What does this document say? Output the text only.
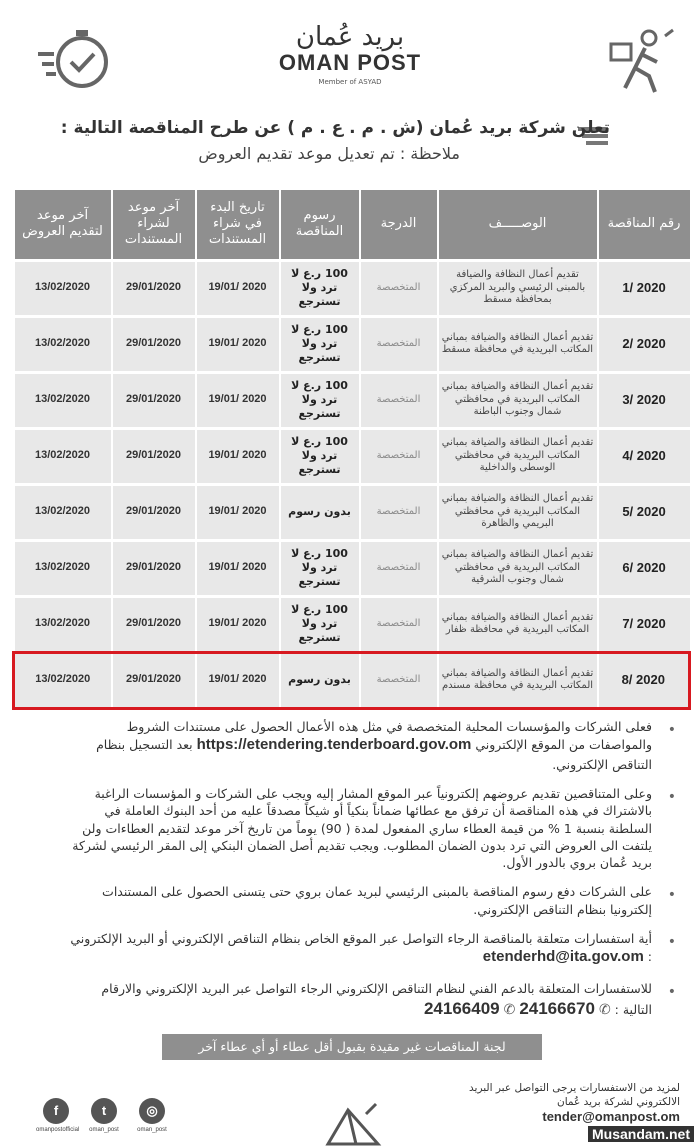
بريد عُمان
OMAN POST
Member of ASYAD
تعلن شركة بريد عُمان (ش . م . ع . م ) عن طرح المناقصة التالية :
ملاحظة : تم تعديل موعد تقديم العروض
رقم المناقصة	الوصـــــف	الدرجة	رسوم المناقصة	تاريخ البدء في شراء المستندات	آخر موعد لشراء المستندات	آخر موعد لتقديم العروض
1/ 2020	تقديم أعمال النظافة والضيافة بالمبنى الرئيسي والبريد المركزي بمحافظة مسقط	المتخصصة	100 ر.ع لا ترد ولا تسترجع	19/01/ 2020	29/01/2020	13/02/2020
2/ 2020	تقديم أعمال النظافة والضيافة بمباني المكاتب البريدية في محافظة مسقط	المتخصصة	100 ر.ع لا ترد ولا تسترجع	19/01/ 2020	29/01/2020	13/02/2020
3/ 2020	تقديم أعمال النظافة والضيافة بمباني المكاتب البريدية في محافظتي شمال وجنوب الباطنة	المتخصصة	100 ر.ع لا ترد ولا تسترجع	19/01/ 2020	29/01/2020	13/02/2020
4/ 2020	تقديم أعمال النظافة والضيافة بمباني المكاتب البريدية في محافظتي الوسطى والداخلية	المتخصصة	100 ر.ع لا ترد ولا تسترجع	19/01/ 2020	29/01/2020	13/02/2020
5/ 2020	تقديم أعمال النظافة والضيافة بمباني المكاتب البريدية في محافظتي البريمي والظاهرة	المتخصصة	بدون رسوم	19/01/ 2020	29/01/2020	13/02/2020
6/ 2020	تقديم أعمال النظافة والضيافة بمباني المكاتب البريدية في محافظتي شمال وجنوب الشرقية	المتخصصة	100 ر.ع لا ترد ولا تسترجع	19/01/ 2020	29/01/2020	13/02/2020
7/ 2020	تقديم أعمال النظافة والضيافة بمباني المكاتب البريدية في محافظة ظفار	المتخصصة	100 ر.ع لا ترد ولا تسترجع	19/01/ 2020	29/01/2020	13/02/2020
8/ 2020	تقديم أعمال النظافة والضيافة بمباني المكاتب البريدية في محافظة مسندم	المتخصصة	بدون رسوم	19/01/ 2020	29/01/2020	13/02/2020
•
فعلى الشركات والمؤسسات المحلية المتخصصة في مثل هذه الأعمال الحصول على مستندات الشروط والمواصفات من الموقع الإلكتروني https://etendering.tenderboard.gov.om بعد التسجيل بنظام التناقص الإلكتروني.
•
وعلى المتناقصين تقديم عروضهم إلكترونياً عبر الموقع المشار إليه ويجب على الشركات و المؤسسات الراغبة بالاشتراك في هذه المناقصة أن ترفق مع عطائها ضماناً بنكياً أو شيكاً مصدقاً عليه من أحد البنوك العاملة في السلطنة بنسبة 1 % من قيمة العطاء ساري المفعول لمدة ( 90) يوماً من تاريخ آخر موعد لتقديم العطاءات ولن يلتفت الى العروض التي ترد بدون الضمان المطلوب. ويجب تقديم أصل الضمان البنكي إلى المقر الرئيسي لشركة بريد عُمان بروي بالدور الأول.
•
على الشركات دفع رسوم المناقصة بالمبنى الرئيسي لبريد عمان بروي حتى يتسنى الحصول على المستندات إلكترونيا بنظام التناقص الإلكتروني.
•
أية استفسارات متعلقة بالمناقصة الرجاء التواصل عبر الموقع الخاص بنظام التناقص الإلكتروني أو البريد الإلكتروني : etenderhd@ita.gov.om
•
للاستفسارات المتعلقة بالدعم الفني لنظام التناقص الإلكتروني الرجاء التواصل عبر البريد الإلكتروني والارقام التالية : ✆ 24166409 ✆ 24166670
لجنة المناقصات غير مقيدة بقبول أقل عطاء أو أي عطاء آخر
f
omanpostofficial
t
oman_post
◎
oman_post
لمزيد من الاستفسارات يرجى التواصل عبر البريد الالكتروني لشركة بريد عُمان
tender@omanpost.om
Musandam.net
